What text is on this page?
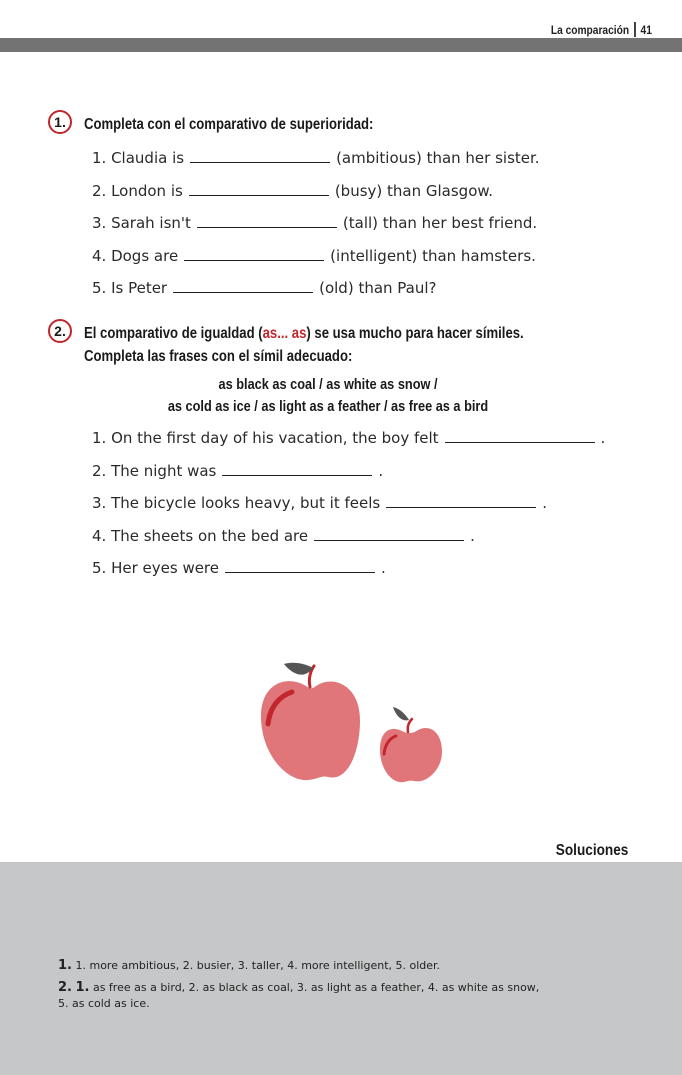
La comparación 41
1.	Completa con el comparativo de superioridad:
1. Claudia is	(ambitious) than her sister.
2. London is	(busy) than Glasgow.
3. Sarah isn't	(tall) than her best friend.
4. Dogs are	(intelligent) than hamsters.
5. Is Peter	(old) than Paul?
2.	El comparativo de igualdad (as... as) se usa mucho para hacer símiles.
Completa las frases con el símil adecuado:
as black as coal / as white as snow /
as cold as ice / as light as a feather / as free as a bird
1. On the first day of his vacation, the boy felt	.
2. The night was	.
3. The bicycle looks heavy, but it feels	.
4. The sheets on the bed are	.
5. Her eyes were	.
Soluciones
1. 1. more ambitious, 2. busier, 3. taller, 4. more intelligent, 5. older.
2. 1. as free as a bird, 2. as black as coal, 3. as light as a feather, 4. as white as snow,
5. as cold as ice.
